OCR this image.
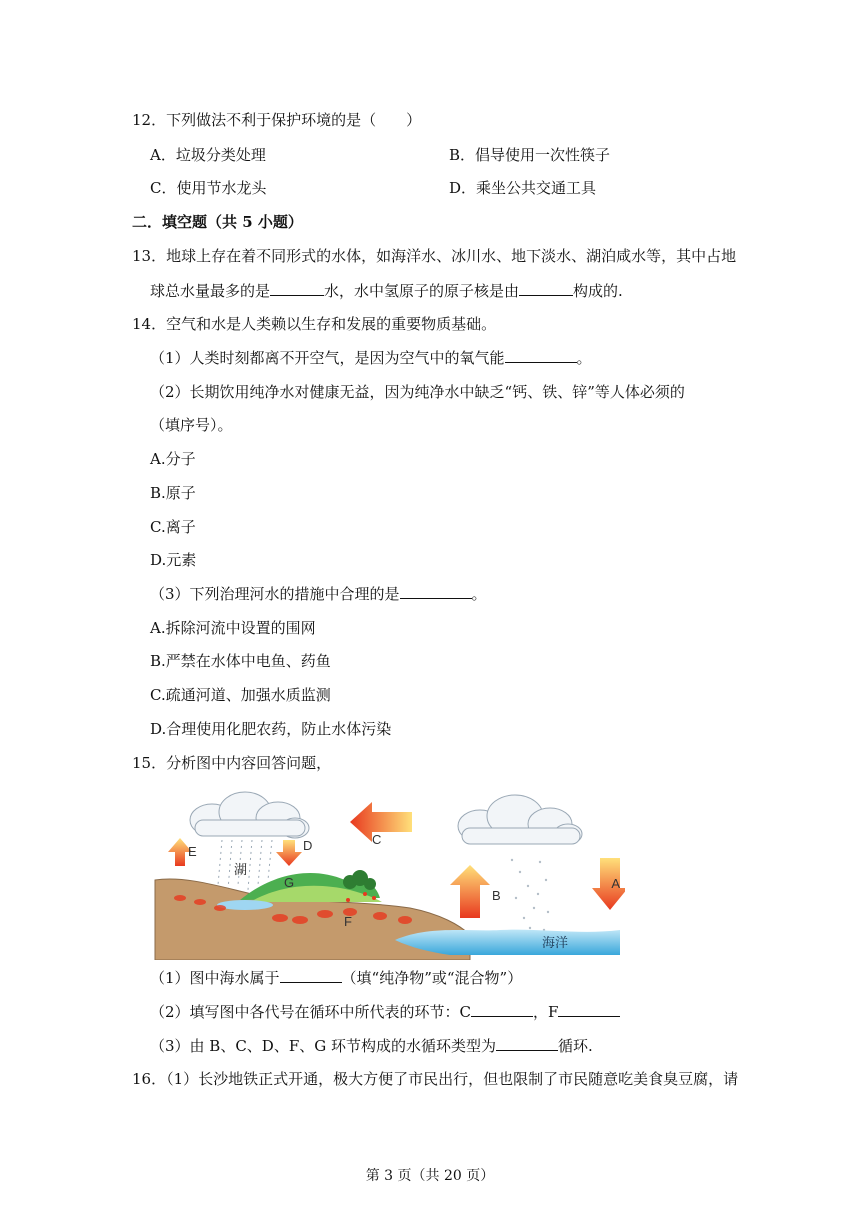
12．下列做法不利于保护环境的是（　　）
A．垃圾分类处理	B．倡导使用一次性筷子
C．使用节水龙头	D．乘坐公共交通工具
二．填空题（共 5 小题）
13．地球上存在着不同形式的水体，如海洋水、冰川水、地下淡水、湖泊咸水等，其中占地
球总水量最多的是	水，水中氢原子的原子核是由	构成的.
14．空气和水是人类赖以生存和发展的重要物质基础。
（1）人类时刻都离不开空气，是因为空气中的氧气能	。
（2）长期饮用纯净水对健康无益，因为纯净水中缺乏“钙、铁、锌”等人体必须的
（填序号）。
A.分子
B.原子
C.离子
D.元素
（3）下列治理河水的措施中合理的是	。
A.拆除河流中设置的围网
B.严禁在水体中电鱼、药鱼
C.疏通河道、加强水质监测
D.合理使用化肥农药，防止水体污染
15．分析图中内容回答问题，
E	D	C
G
F
B
A
湖
海洋
（1）图中海水属于	（填“纯净物”或“混合物”）
（2）填写图中各代号在循环中所代表的环节：C	，F
（3）由 B、C、D、F、G 环节构成的水循环类型为	循环.
16．（1）长沙地铁正式开通，极大方便了市民出行，但也限制了市民随意吃美食臭豆腐，请
第 3 页（共 20 页）
